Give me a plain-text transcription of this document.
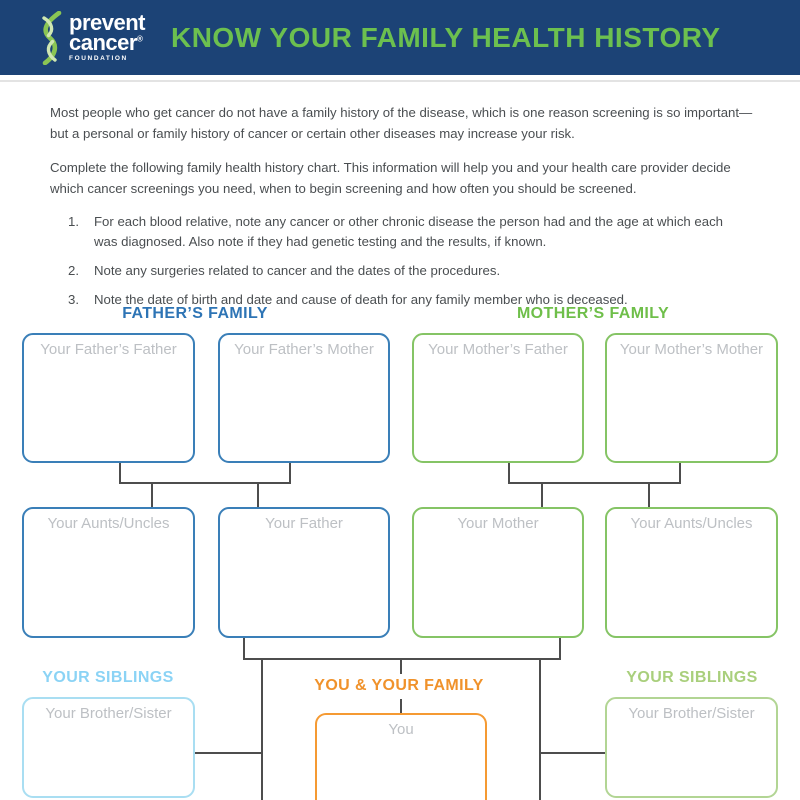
prevent
cancer®
FOUNDATION
KNOW YOUR FAMILY HEALTH HISTORY

Most people who get cancer do not have a family history of the disease, which is one reason screening is so important—but a personal or family history of cancer or certain other diseases may increase your risk.

Complete the following family health history chart. This information will help you and your health care provider decide which cancer screenings you need, when to begin screening and how often you should be screened.

1.	For each blood relative, note any cancer or other chronic disease the person had and the age at which each was diagnosed. Also note if they had genetic testing and the results, if known.
2.	Note any surgeries related to cancer and the dates of the procedures.
3.	Note the date of birth and date and cause of death for any family member who is deceased.
FATHER’S FAMILY	MOTHER’S FAMILY
YOUR SIBLINGS	YOU & YOUR FAMILY	YOUR SIBLINGS
Your Father’s Father	Your Father’s Mother	Your Mother’s Father	Your Mother’s Mother
Your Aunts/Uncles	Your Father	Your Mother	Your Aunts/Uncles
Your Brother/Sister
You
Your Brother/Sister
